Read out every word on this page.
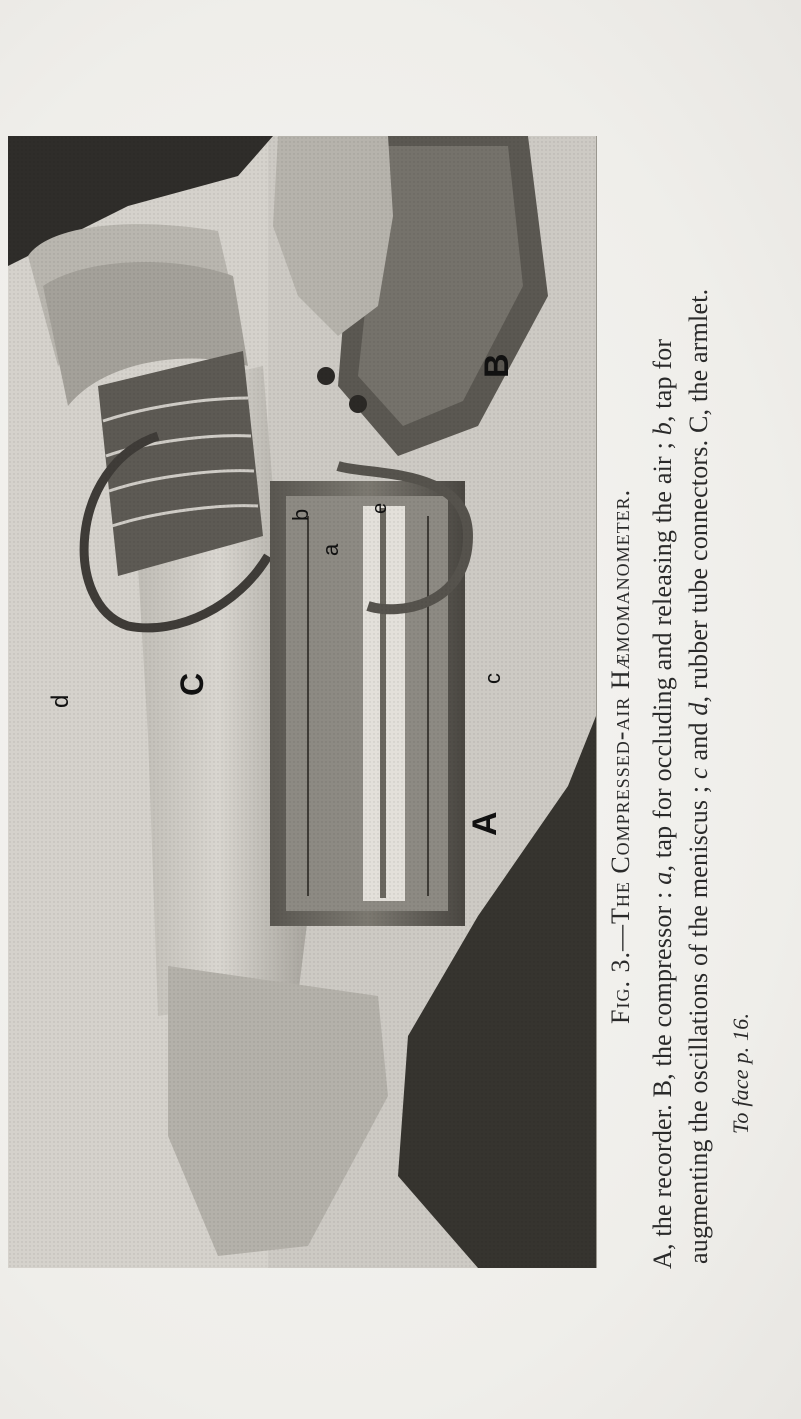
B
A
C
b
a
e
c
d
Fig. 3.—The Compressed-air Hæmomanometer.
A, the recorder. B, the compressor : a, tap for occluding and releasing the air ; b, tap for
augmenting the oscillations of the meniscus ; c and d, rubber tube connectors. C, the armlet.
To face p. 16.
